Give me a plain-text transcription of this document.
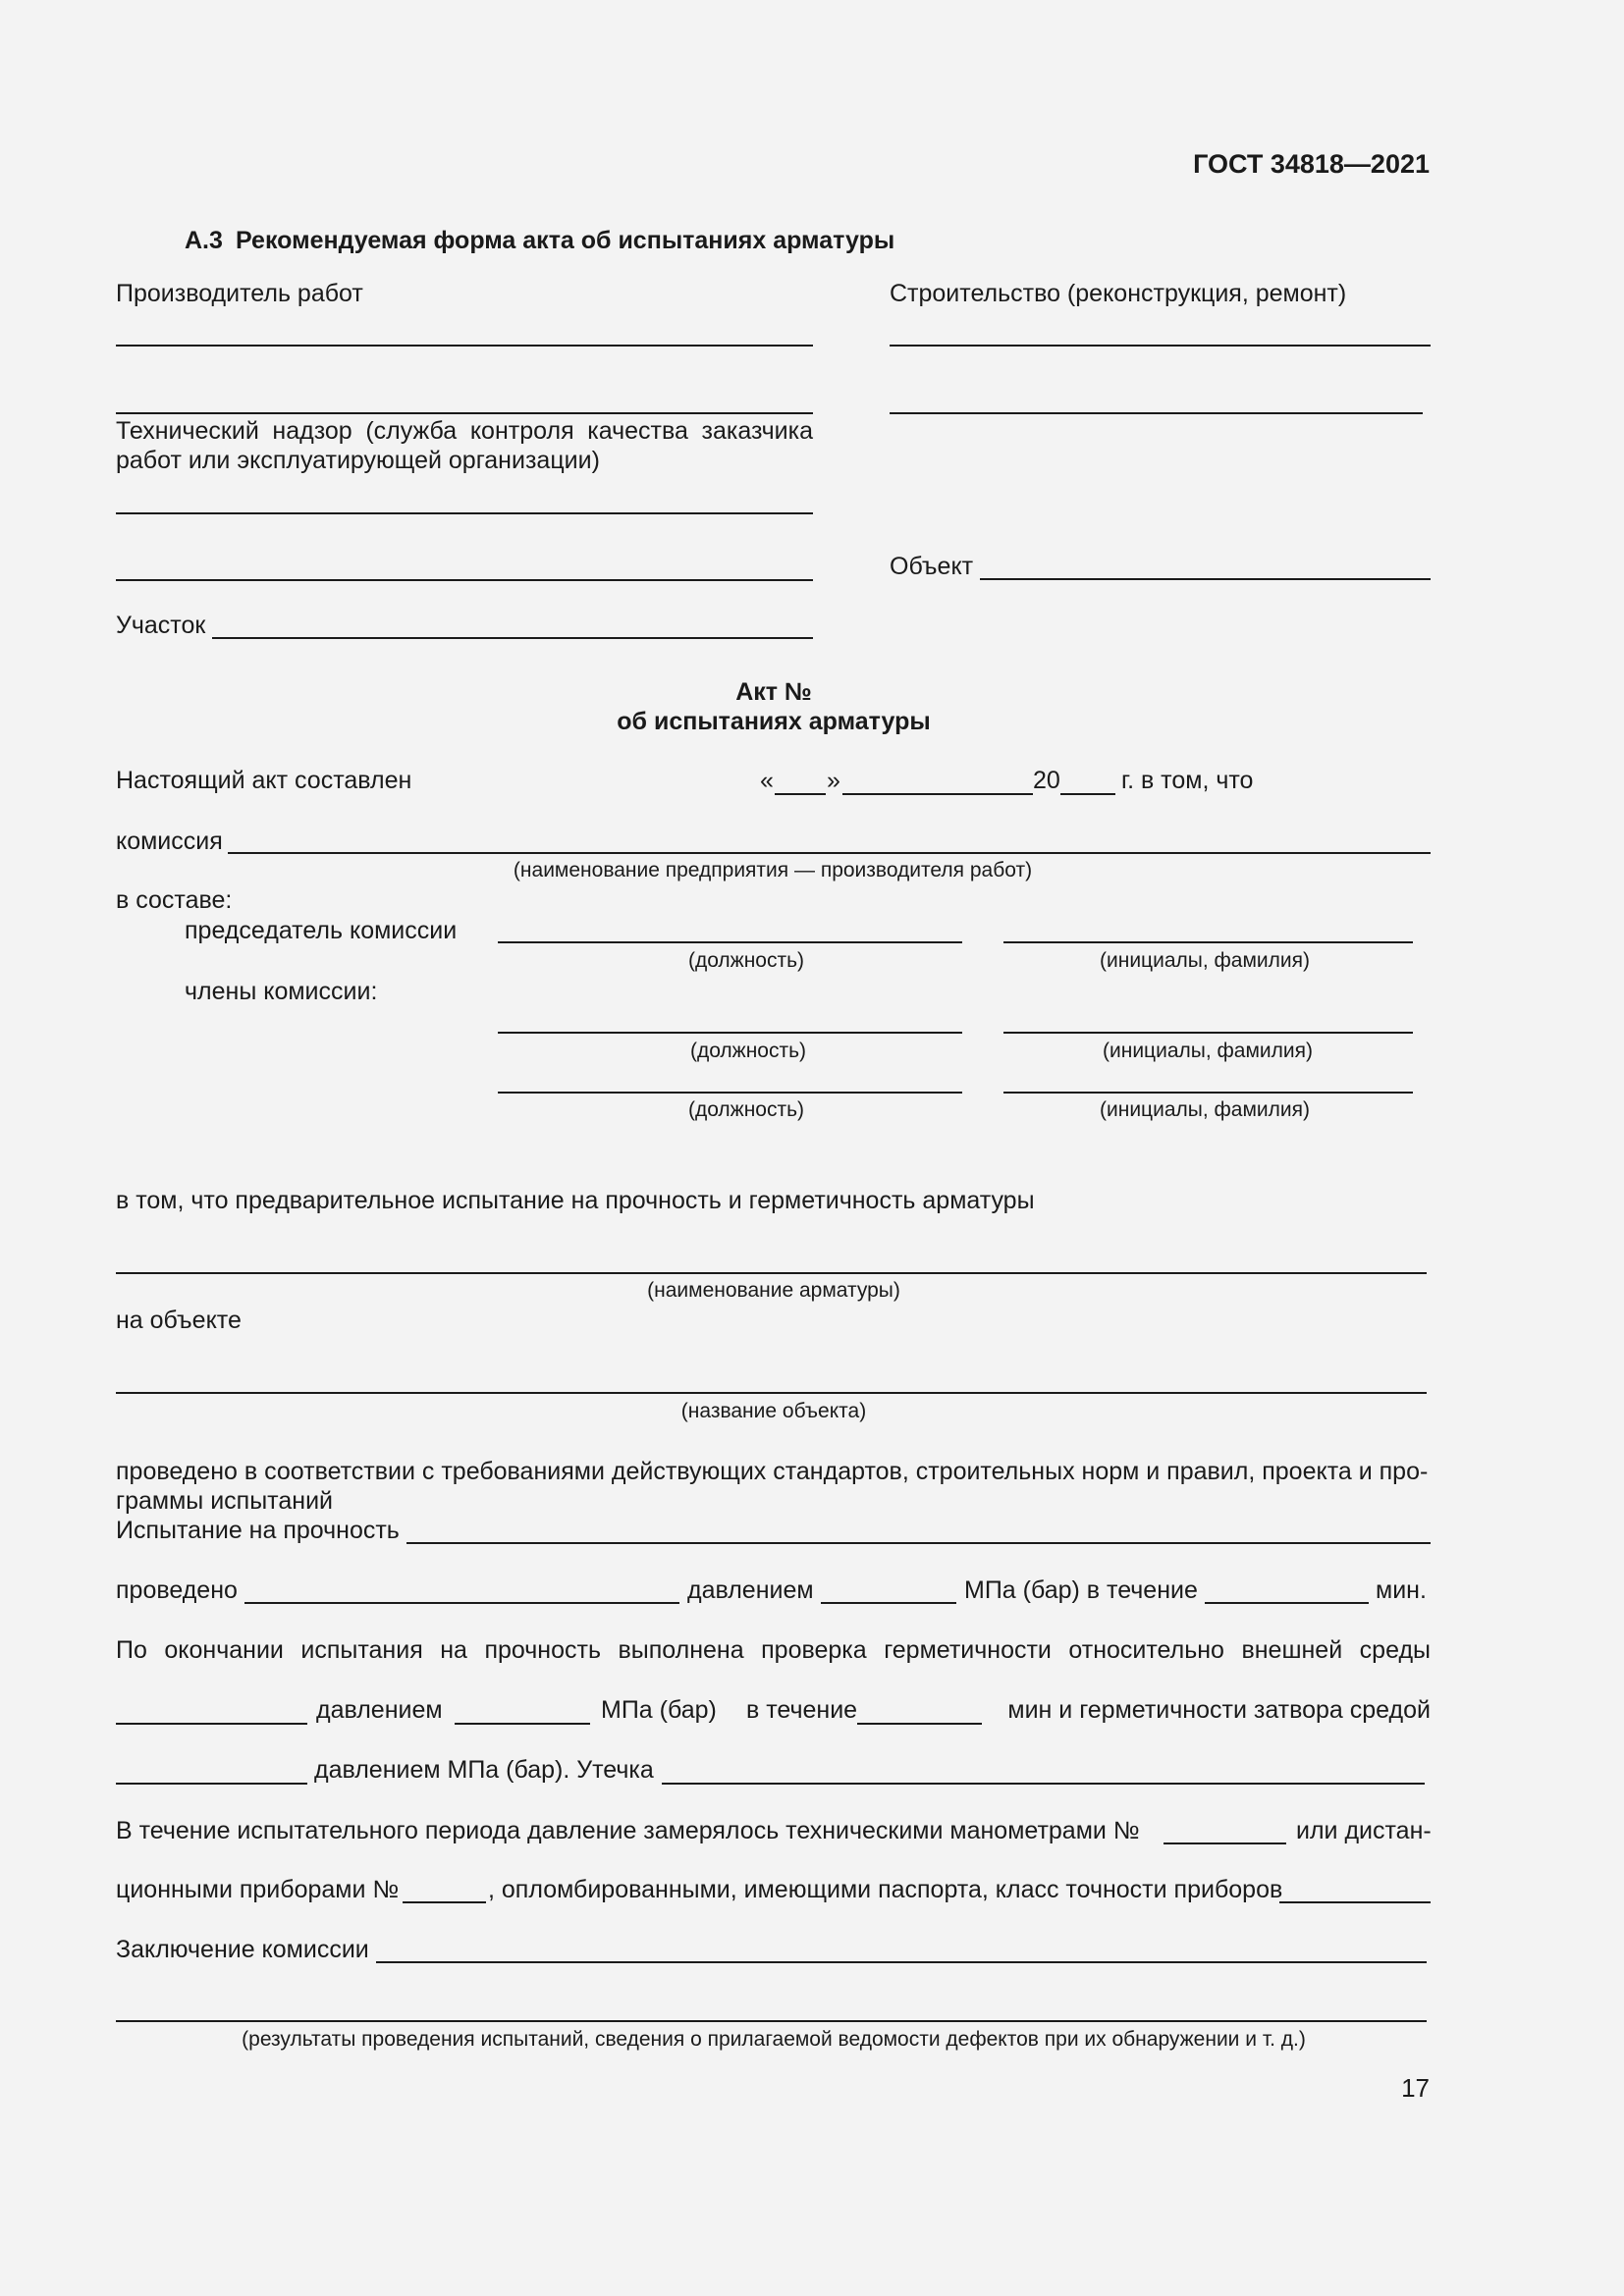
ГОСТ 34818—2021
А.3 Рекомендуемая форма акта об испытаниях арматуры
Производитель работ
Технический надзор (служба контроля качества заказчика работ или эксплуатирующей организации)
Участок
Строительство (реконструкция, ремонт)
Объект
Акт №
об испытаниях арматуры
Настоящий акт составлен	« »	20 г. в том, что
комиссия
(наименование предприятия — производителя работ)
в составе:
председатель комиссии
(должность)	(инициалы, фамилия)
члены комиссии:
(должность)	(инициалы, фамилия)
(должность)	(инициалы, фамилия)
в том, что предварительное испытание на прочность и герметичность арматуры
(наименование арматуры)
на объекте
(название объекта)
проведено в соответствии с требованиями действующих стандартов, строительных норм и правил, проекта и про-
граммы испытаний
Испытание на прочность
проведено	давлением	МПа (бар) в течение	мин.
По окончании испытания на прочность выполнена проверка герметичности относительно внешней среды
давлением	МПа (бар) в течение	мин и герметичности затвора средой
давлением МПа (бар). Утечка
В течение испытательного периода давление замерялось техническими манометрами №	или дистан-
ционными приборами №	, опломбированными, имеющими паспорта, класс точности приборов
Заключение комиссии
(результаты проведения испытаний, сведения о прилагаемой ведомости дефектов при их обнаружении и т. д.)
17
